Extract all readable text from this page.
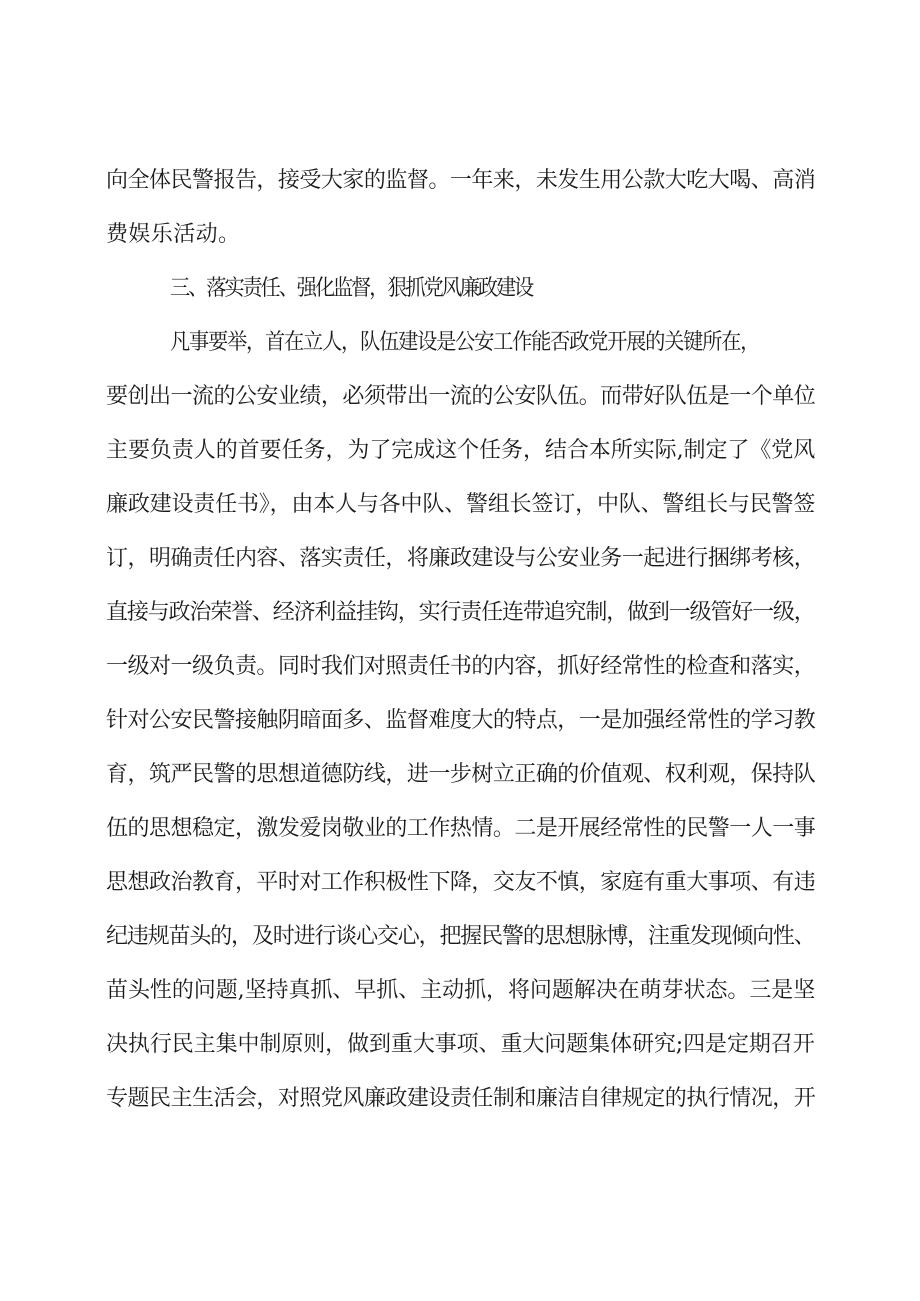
向全体民警报告，接受大家的监督。一年来，未发生用公款大吃大喝、高消
费娱乐活动。
三、落实责任、强化监督，狠抓党风廉政建设
凡事要举，首在立人，队伍建设是公安工作能否政党开展的关键所在，
要创出一流的公安业绩，必须带出一流的公安队伍。而带好队伍是一个单位
主要负责人的首要任务，为了完成这个任务，结合本所实际,制定了《党风
廉政建设责任书》，由本人与各中队、警组长签订，中队、警组长与民警签
订，明确责任内容、落实责任，将廉政建设与公安业务一起进行捆绑考核，
直接与政治荣誉、经济利益挂钩，实行责任连带追究制，做到一级管好一级，
一级对一级负责。同时我们对照责任书的内容，抓好经常性的检查和落实，
针对公安民警接触阴暗面多、监督难度大的特点，一是加强经常性的学习教
育，筑严民警的思想道德防线，进一步树立正确的价值观、权利观，保持队
伍的思想稳定，激发爱岗敬业的工作热情。二是开展经常性的民警一人一事
思想政治教育，平时对工作积极性下降，交友不慎，家庭有重大事项、有违
纪违规苗头的，及时进行谈心交心，把握民警的思想脉博，注重发现倾向性、
苗头性的问题,坚持真抓、早抓、主动抓，将问题解决在萌芽状态。三是坚
决执行民主集中制原则，做到重大事项、重大问题集体研究;四是定期召开
专题民主生活会，对照党风廉政建设责任制和廉洁自律规定的执行情况，开
